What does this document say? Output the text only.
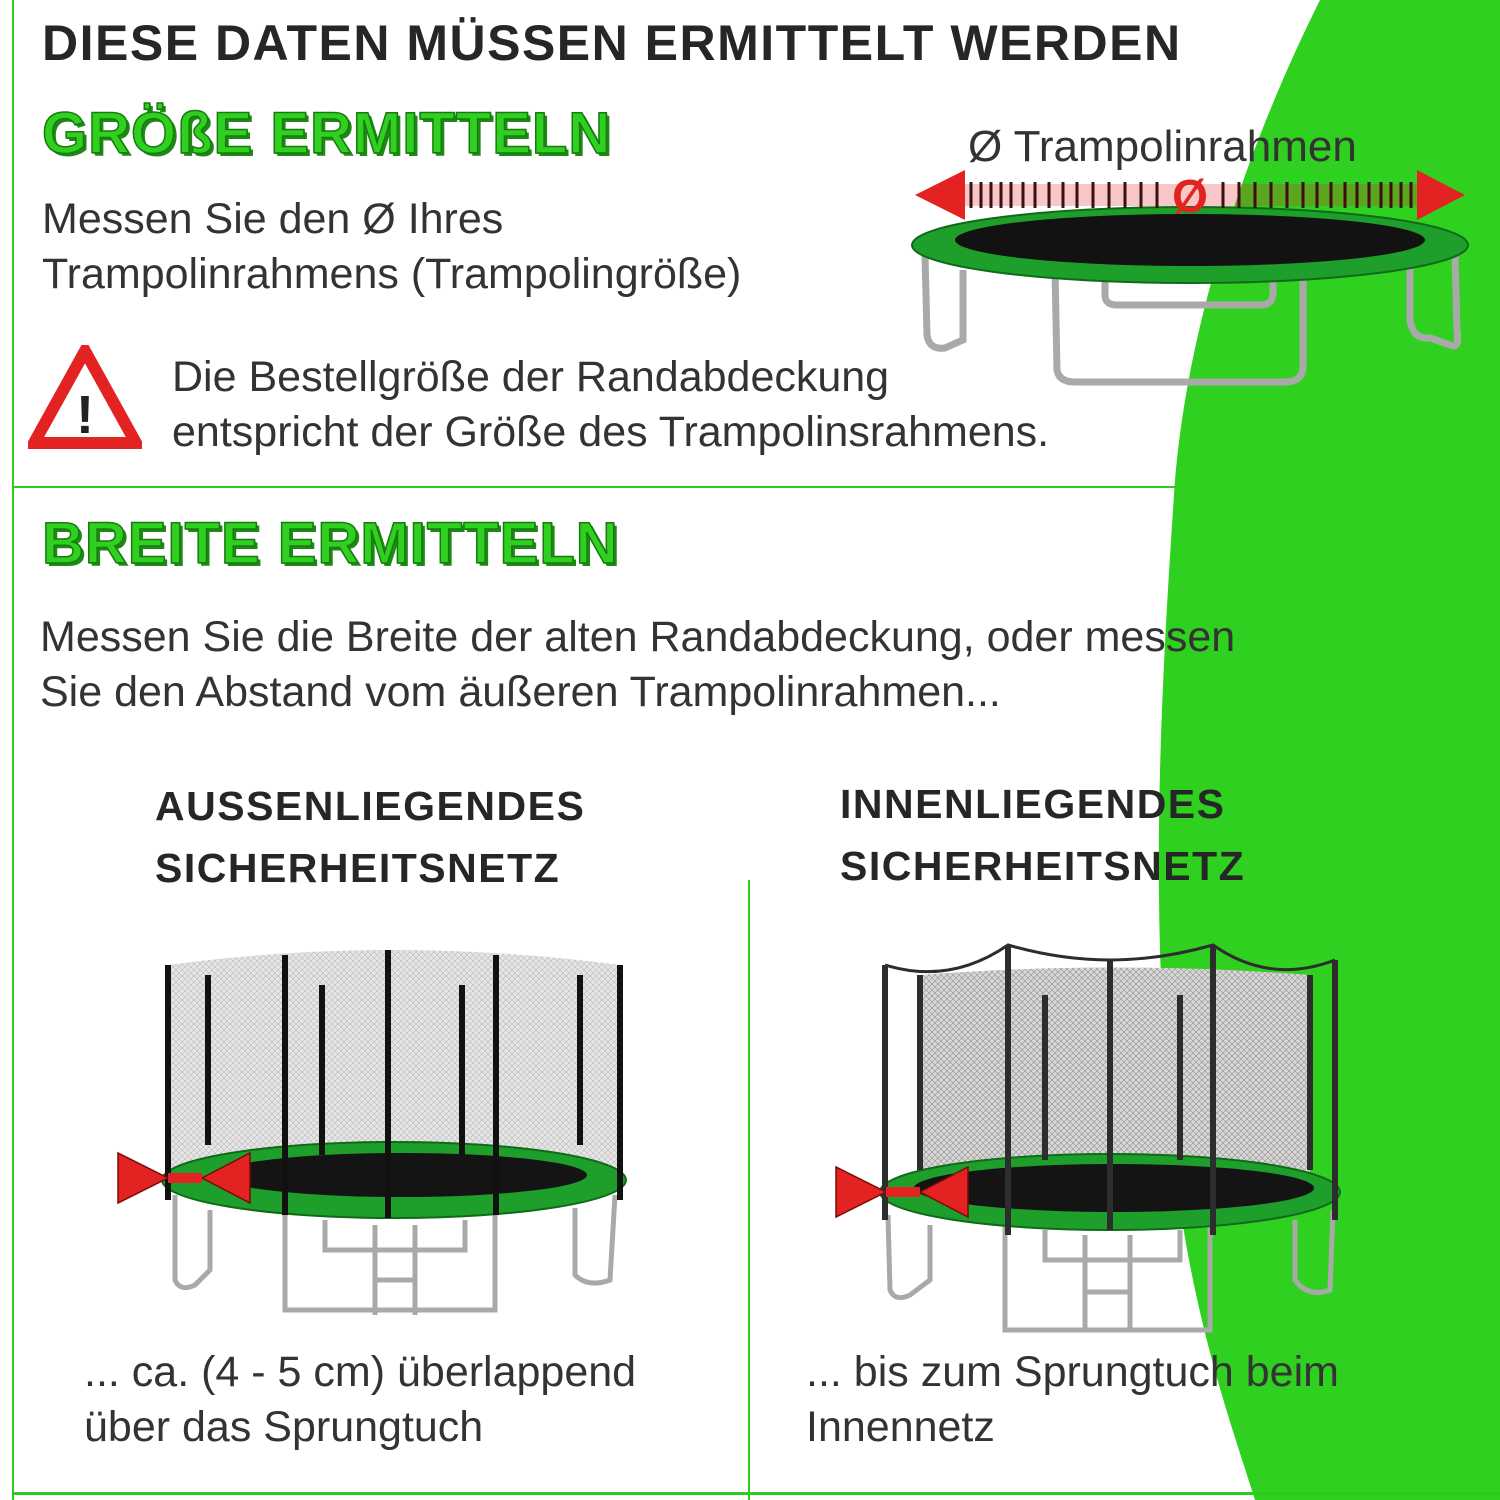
DIESE DATEN MÜSSEN ERMITTELT WERDEN
GRÖßE ERMITTELN
Messen Sie den Ø Ihres
Trampolinrahmens (Trampolingröße)
Ø Trampolinrahmen
Ø
!
Die Bestellgröße der Randabdeckung
entspricht der Größe des Trampolinsrahmens.
BREITE ERMITTELN
Messen Sie die Breite der alten Randabdeckung, oder messen
Sie den Abstand vom äußeren Trampolinrahmen...
AUSSENLIEGENDES
SICHERHEITSNETZ
INNENLIEGENDES
SICHERHEITSNETZ
... ca. (4 - 5 cm) überlappend
über das Sprungtuch
... bis zum Sprungtuch beim
Innennetz
